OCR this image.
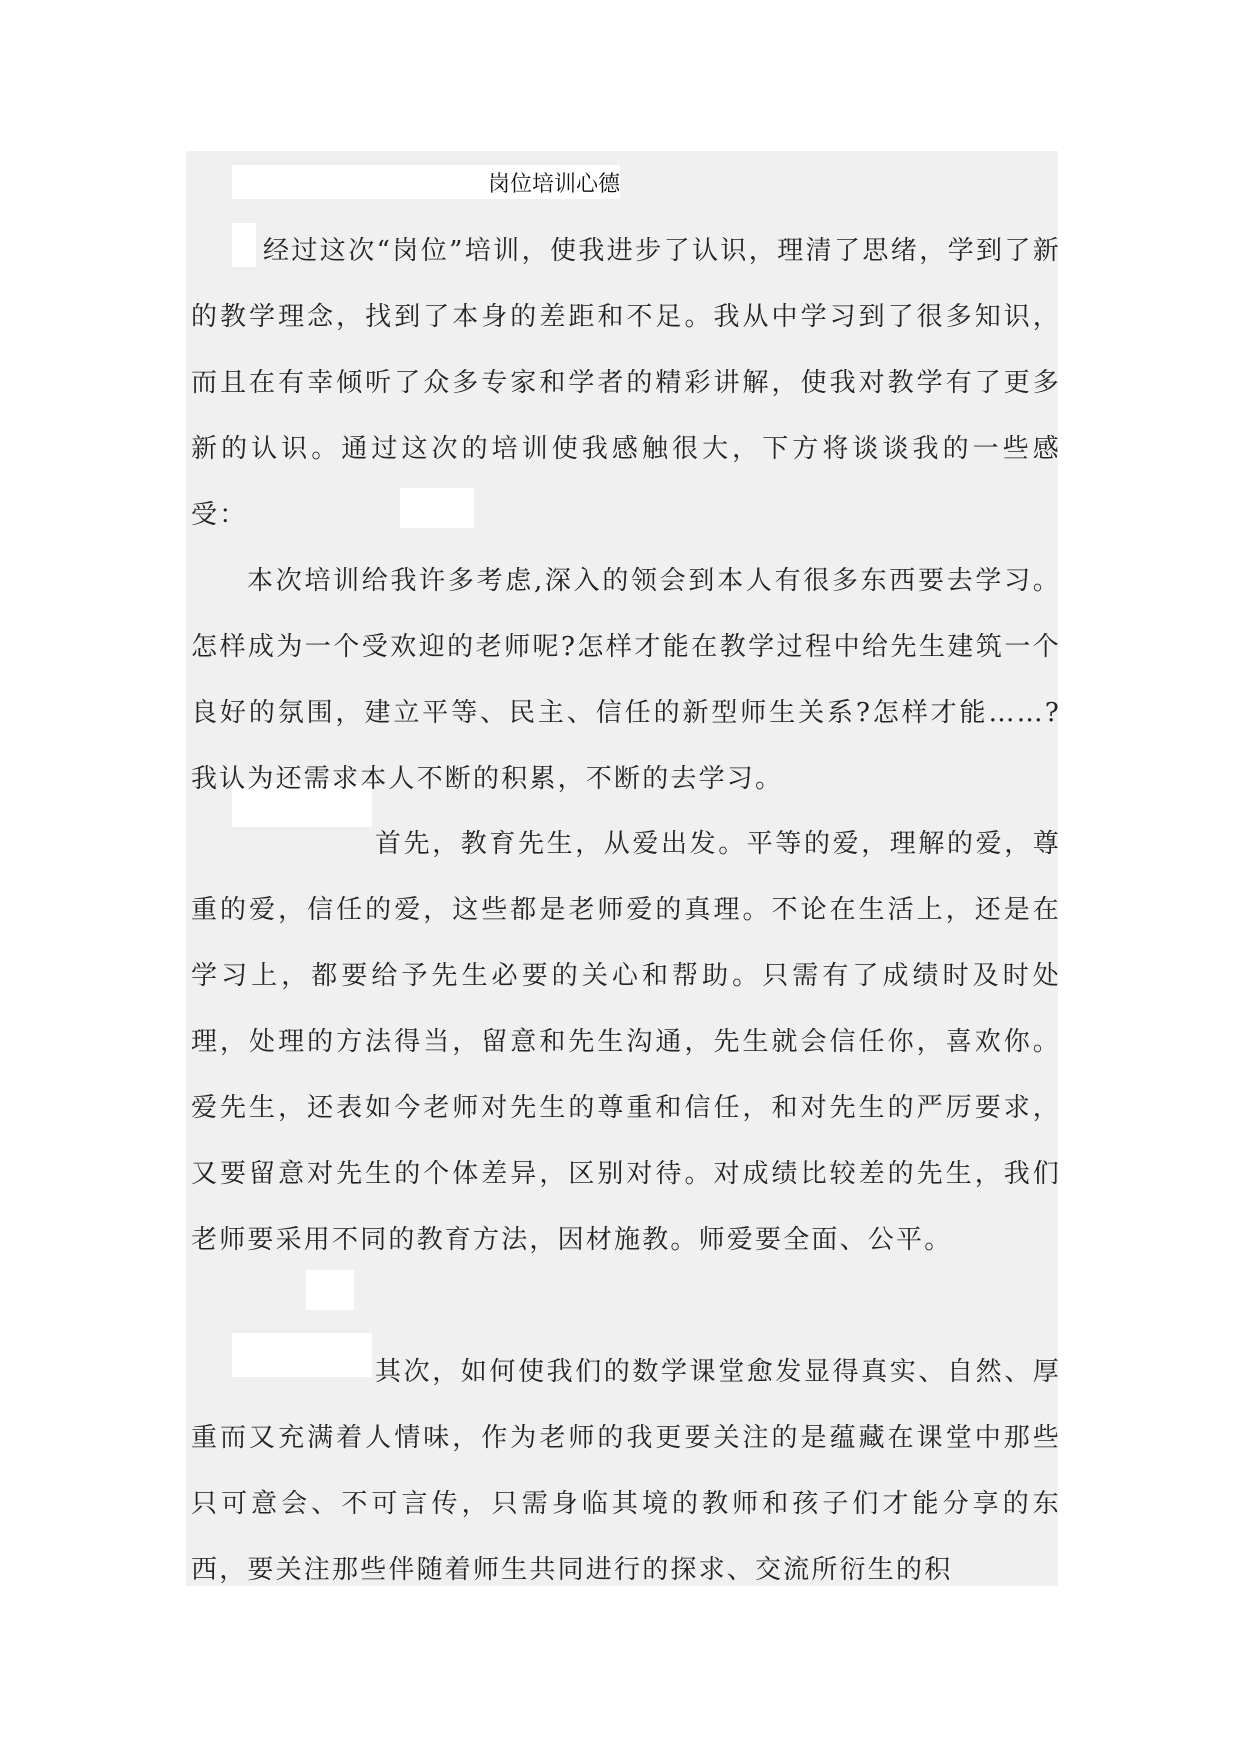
岗位培训心德

经过这次“岗位”培训，使我进步了认识，理清了思绪，学到了新的教学理念，找到了本身的差距和不足。我从中学习到了很多知识，而且在有幸倾听了众多专家和学者的精彩讲解，使我对教学有了更多新的认识。通过这次的培训使我感触很大，下方将谈谈我的一些感受：

本次培训给我许多考虑,深入的领会到本人有很多东西要去学习。怎样成为一个受欢迎的老师呢?怎样才能在教学过程中给先生建筑一个良好的氛围，建立平等、民主、信任的新型师生关系?怎样才能……?我认为还需求本人不断的积累，不断的去学习。

首先，教育先生，从爱出发。平等的爱，理解的爱，尊重的爱，信任的爱，这些都是老师爱的真理。不论在生活上，还是在学习上，都要给予先生必要的关心和帮助。只需有了成绩时及时处理，处理的方法得当，留意和先生沟通，先生就会信任你，喜欢你。爱先生，还表如今老师对先生的尊重和信任，和对先生的严厉要求，又要留意对先生的个体差异，区别对待。对成绩比较差的先生，我们老师要采用不同的教育方法，因材施教。师爱要全面、公平。

其次，如何使我们的数学课堂愈发显得真实、自然、厚重而又充满着人情味，作为老师的我更要关注的是蕴藏在课堂中那些只可意会、不可言传，只需身临其境的教师和孩子们才能分享的东西，要关注那些伴随着师生共同进行的探求、交流所衍生的积
